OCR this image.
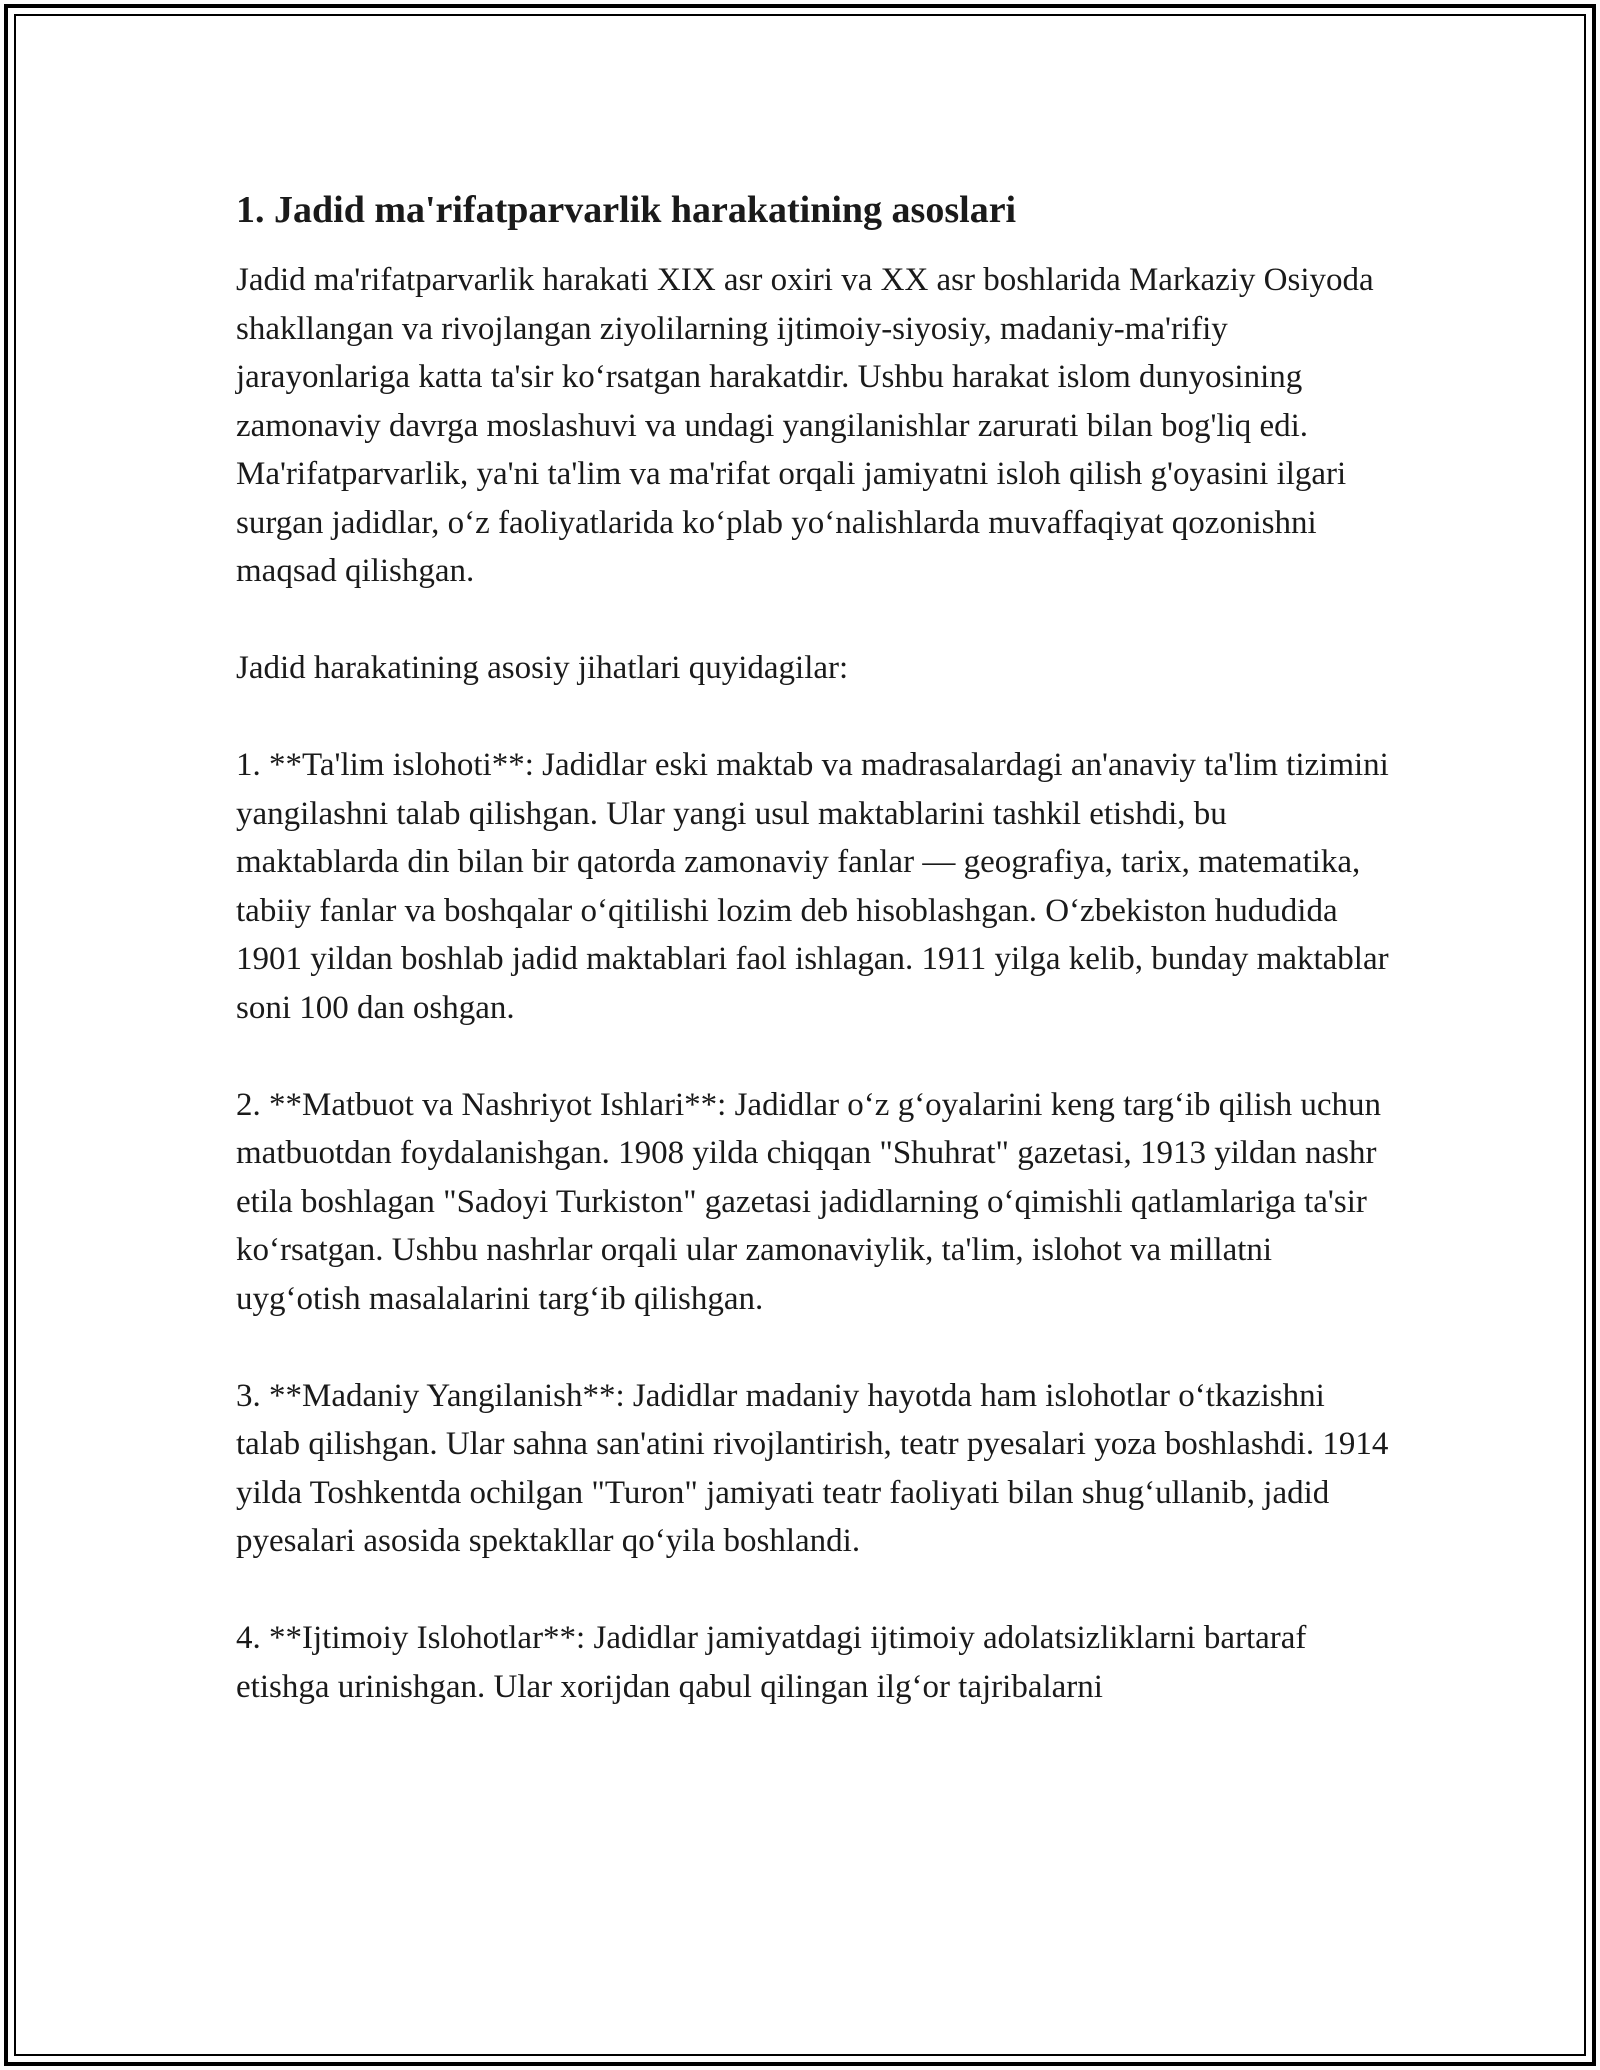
1. Jadid ma'rifatparvarlik harakatining asoslari

Jadid ma'rifatparvarlik harakati XIX asr oxiri va XX asr boshlarida Markaziy Osiyoda shakllangan va rivojlangan ziyolilarning ijtimoiy-siyosiy, madaniy-ma'rifiy jarayonlariga katta ta'sir ko‘rsatgan harakatdir. Ushbu harakat islom dunyosining zamonaviy davrga moslashuvi va undagi yangilanishlar zarurati bilan bog'liq edi. Ma'rifatparvarlik, ya'ni ta'lim va ma'rifat orqali jamiyatni isloh qilish g'oyasini ilgari surgan jadidlar, o‘z faoliyatlarida ko‘plab yo‘nalishlarda muvaffaqiyat qozonishni maqsad qilishgan.

Jadid harakatining asosiy jihatlari quyidagilar:

1. **Ta'lim islohoti**: Jadidlar eski maktab va madrasalardagi an'anaviy ta'lim tizimini yangilashni talab qilishgan. Ular yangi usul maktablarini tashkil etishdi, bu maktablarda din bilan bir qatorda zamonaviy fanlar — geografiya, tarix, matematika, tabiiy fanlar va boshqalar o‘qitilishi lozim deb hisoblashgan. O‘zbekiston hududida 1901 yildan boshlab jadid maktablari faol ishlagan. 1911 yilga kelib, bunday maktablar soni 100 dan oshgan.

2. **Matbuot va Nashriyot Ishlari**: Jadidlar o‘z g‘oyalarini keng targ‘ib qilish uchun matbuotdan foydalanishgan. 1908 yilda chiqqan "Shuhrat" gazetasi, 1913 yildan nashr etila boshlagan "Sadoyi Turkiston" gazetasi jadidlarning o‘qimishli qatlamlariga ta'sir ko‘rsatgan. Ushbu nashrlar orqali ular zamonaviylik, ta'lim, islohot va millatni uyg‘otish masalalarini targ‘ib qilishgan.

3. **Madaniy Yangilanish**: Jadidlar madaniy hayotda ham islohotlar o‘tkazishni talab qilishgan. Ular sahna san'atini rivojlantirish, teatr pyesalari yoza boshlashdi. 1914 yilda Toshkentda ochilgan "Turon" jamiyati teatr faoliyati bilan shug‘ullanib, jadid pyesalari asosida spektakllar qo‘yila boshlandi.

4. **Ijtimoiy Islohotlar**: Jadidlar jamiyatdagi ijtimoiy adolatsizliklarni bartaraf etishga urinishgan. Ular xorijdan qabul qilingan ilg‘or tajribalarni
